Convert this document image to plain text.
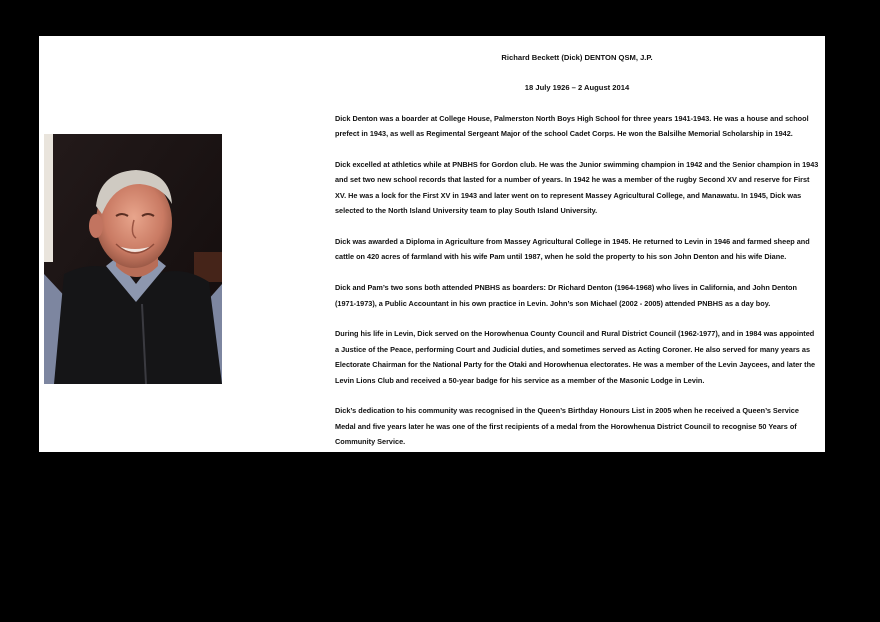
Richard Beckett (Dick) DENTON QSM, J.P.
18 July 1926 – 2 August 2014
Dick Denton was a boarder at College House, Palmerston North Boys High School for three years 1941-1943. He was a house and school prefect in 1943, as well as Regimental Sergeant Major of the school Cadet Corps. He won the Balsilhe Memorial Scholarship in 1942.
Dick excelled at athletics while at PNBHS for Gordon club. He was the Junior swimming champion in 1942 and the Senior champion in 1943 and set two new school records that lasted for a number of years. In 1942 he was a member of the rugby Second XV and reserve for First XV. He was a lock for the First XV in 1943 and later went on to represent Massey Agricultural College, and Manawatu. In 1945, Dick was selected to the North Island University team to play South Island University.
Dick was awarded a Diploma in Agriculture from Massey Agricultural College in 1945. He returned to Levin in 1946 and farmed sheep and cattle on 420 acres of farmland with his wife Pam until 1987, when he sold the property to his son John Denton and his wife Diane.
Dick and Pam’s two sons both attended PNBHS as boarders: Dr Richard Denton (1964-1968) who lives in California, and John Denton (1971-1973), a Public Accountant in his own practice in Levin. John’s son Michael (2002 - 2005) attended PNBHS as a day boy.
During his life in Levin, Dick served on the Horowhenua County Council and Rural District Council (1962-1977), and in 1984 was appointed a Justice of the Peace, performing Court and Judicial duties, and sometimes served as Acting Coroner. He also served for many years as Electorate Chairman for the National Party for the Otaki and Horowhenua electorates. He was a member of the Levin Jaycees, and later the Levin Lions Club and received a 50-year badge for his service as a member of the Masonic Lodge in Levin.
Dick’s dedication to his community was recognised in the Queen’s Birthday Honours List in 2005 when he received a Queen’s Service Medal and five years later he was one of the first recipients of a medal from the Horowhenua District Council to recognise 50 Years of Community Service.
